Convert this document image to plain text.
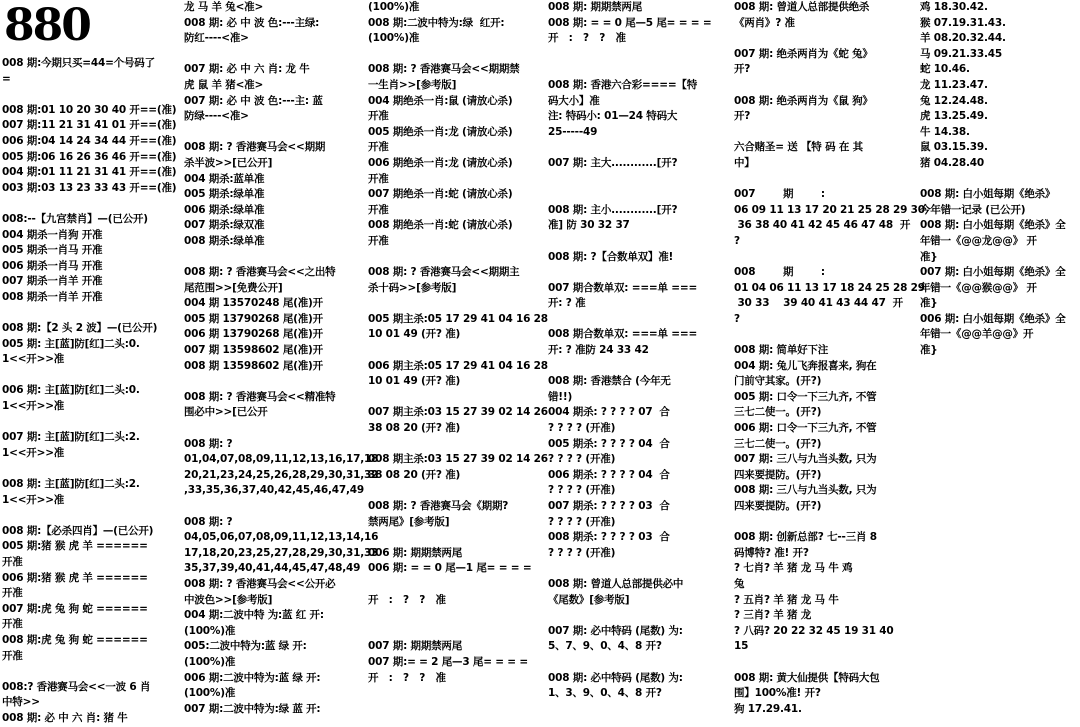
880
008 期:今期只买=44=个号码了
=
008 期:01 10 20 30 40 开==(准)
007 期:11 21 31 41 01 开==(准)
006 期:04 14 24 34 44 开==(准)
005 期:06 16 26 36 46 开==(准)
004 期:01 11 21 31 41 开==(准)
003 期:03 13 23 33 43 开==(准)
008:--【九宫禁肖】—(已公开)
004 期杀一肖狗 开准
005 期杀一肖马 开准
006 期杀一肖马 开准
007 期杀一肖羊 开准
008 期杀一肖羊 开准
008 期:【2 头 2 波】—(已公开)
005 期: 主[蓝]防[红]二头:0.
1<<开>>准
006 期: 主[蓝]防[红]二头:0.
1<<开>>准
007 期: 主[蓝]防[红]二头:2.
1<<开>>准
008 期: 主[蓝]防[红]二头:2.
1<<开>>准
008 期:【必杀四肖】—(已公开)
005 期:猪 猴 虎 羊 ======
开准
006 期:猪 猴 虎 羊 ======
开准
007 期:虎 兔 狗 蛇 ======
开准
008 期:虎 兔 狗 蛇 ======
开准
008:? 香港赛马会<<一波 6 肖
中特>>
008 期: 必 中 六 肖: 猪 牛
龙 马 羊 兔<准>
008 期: 必 中 波 色:---主绿:
防红----<准>
007 期: 必 中 六 肖: 龙 牛
虎 鼠 羊 猪<准>
007 期: 必 中 波 色:---主: 蓝
防绿----<准>
008 期: ? 香港赛马会<<期期
杀半波>>[已公开]
004 期杀:蓝单准
005 期杀:绿单准
006 期杀:绿单准
007 期杀:绿双准
008 期杀:绿单准
008 期: ? 香港赛马会<<之出特
尾范围>>[免费公开]
004 期 13570248 尾(准)开
005 期 13790268 尾(准)开
006 期 13790268 尾(准)开
007 期 13598602 尾(准)开
008 期 13598602 尾(准)开
008 期: ? 香港赛马会<<精准特
围必中>>[已公开
008 期: ?
01,04,07,08,09,11,12,13,16,17,18
20,21,23,24,25,26,28,29,30,31,32
,33,35,36,37,40,42,45,46,47,49
008 期: ?
04,05,06,07,08,09,11,12,13,14,16
17,18,20,23,25,27,28,29,30,31,33
35,37,39,40,41,44,45,47,48,49
008 期: ? 香港赛马会<<公开必
中波色>>[参考版]
004 期:二波中特 为:蓝 红 开:
(100%)准
005:二波中特为:蓝 绿 开:
(100%)准
006 期:二波中特为:蓝 绿 开:
(100%)准
007 期:二波中特为:绿 蓝 开:
(100%)准
008 期:二波中特为:绿  红开:
(100%)准
008 期: ? 香港赛马会<<期期禁
一生肖>>[参考版]
004 期绝杀一肖:鼠 (请放心杀)
开准
005 期绝杀一肖:龙 (请放心杀)
开准
006 期绝杀一肖:龙 (请放心杀)
开准
007 期绝杀一肖:蛇 (请放心杀)
开准
008 期绝杀一肖:蛇 (请放心杀)
开准
008 期: ? 香港赛马会<<期期主
杀十码>>[参考版]
005 期主杀:05 17 29 41 04 16 28
10 01 49 (开? 准)
006 期主杀:05 17 29 41 04 16 28
10 01 49 (开? 准)
007 期主杀:03 15 27 39 02 14 26
38 08 20 (开? 准)
008 期主杀:03 15 27 39 02 14 26
38 08 20 (开? 准)
008 期: ? 香港赛马会《期期?
禁两尾》[参考版]
006 期: 期期禁两尾
006 期: = = 0 尾—1 尾= = = =
开   :   ?   ?   准
007 期: 期期禁两尾
007 期:= = 2 尾—3 尾= = = =
开   :   ?   ?   准
008 期: 期期禁两尾
008 期: = = 0 尾—5 尾= = = =
开   :   ?   ?   准
008 期: 香港六合彩====【特
码大小】准
注: 特码小: 01—24 特码大
25-----49
007 期: 主大............[开?
008 期: 主小............[开?
准] 防 30 32 37
008 期: ?【合数单双】准!
007 期合数单双: ===单 ===
开: ? 准
008 期合数单双: ===单 ===
开: ? 准防 24 33 42
008 期: 香港禁合 (今年无
错!!)
004 期杀: ? ? ? ? 07  合
? ? ? ? (开准)
005 期杀: ? ? ? ? 04  合
? ? ? ? (开准)
006 期杀: ? ? ? ? 04  合
? ? ? ? (开准)
007 期杀: ? ? ? ? 03  合
? ? ? ? (开准)
008 期杀: ? ? ? ? 03  合
? ? ? ? (开准)
008 期: 曾道人总部提供必中
《尾数》[参考版]
007 期: 必中特码 (尾数) 为:
5、7、9、0、4、8 开?
008 期: 必中特码 (尾数) 为:
1、3、9、0、4、8 开?
008 期: 曾道人总部提供绝杀
《两肖》? 准
007 期: 绝杀两肖为《蛇 兔》
开?
008 期: 绝杀两肖为《鼠 狗》
开?
六合赌圣= 送 【特 码 在 其
中】
007        期        :
06 09 11 13 17 20 21 25 28 29 30
36 38 40 41 42 45 46 47 48  开
?
008        期        :
01 04 06 11 13 17 18 24 25 28 29
30 33    39 40 41 43 44 47  开
?
008 期: 简单好下注
004 期: 兔儿飞奔报喜来, 狗在
门前守其家。(开?)
005 期: 口令一下三九齐, 不管
三七二使一。(开?)
006 期: 口令一下三九齐, 不管
三七二使一。(开?)
007 期: 三八与九当头数, 只为
四来要提防。(开?)
008 期: 三八与九当头数, 只为
四来要提防。(开?)
008 期: 创新总部? 七--三肖 8
码博特? 准! 开?
? 七肖? 羊 猪 龙 马 牛 鸡
兔
? 五肖? 羊 猪 龙 马 牛
? 三肖? 羊 猪 龙
? 八码? 20 22 32 45 19 31 40
15
008 期: 黄大仙提供【特码大包
围】100%准! 开?
狗 17.29.41.
鸡 18.30.42.
猴 07.19.31.43.
羊 08.20.32.44.
马 09.21.33.45
蛇 10.46.
龙 11.23.47.
兔 12.24.48.
虎 13.25.49.
牛 14.38.
鼠 03.15.39.
猪 04.28.40
008 期: 白小姐每期《绝杀》
今年错一记录 (已公开)
008 期: 白小姐每期《绝杀》全
年错一《@@龙@@》 开
准}
007 期: 白小姐每期《绝杀》全
年错一《@@猴@@》 开
准}
006 期: 白小姐每期《绝杀》全
年错一《@@羊@@》开
准}
